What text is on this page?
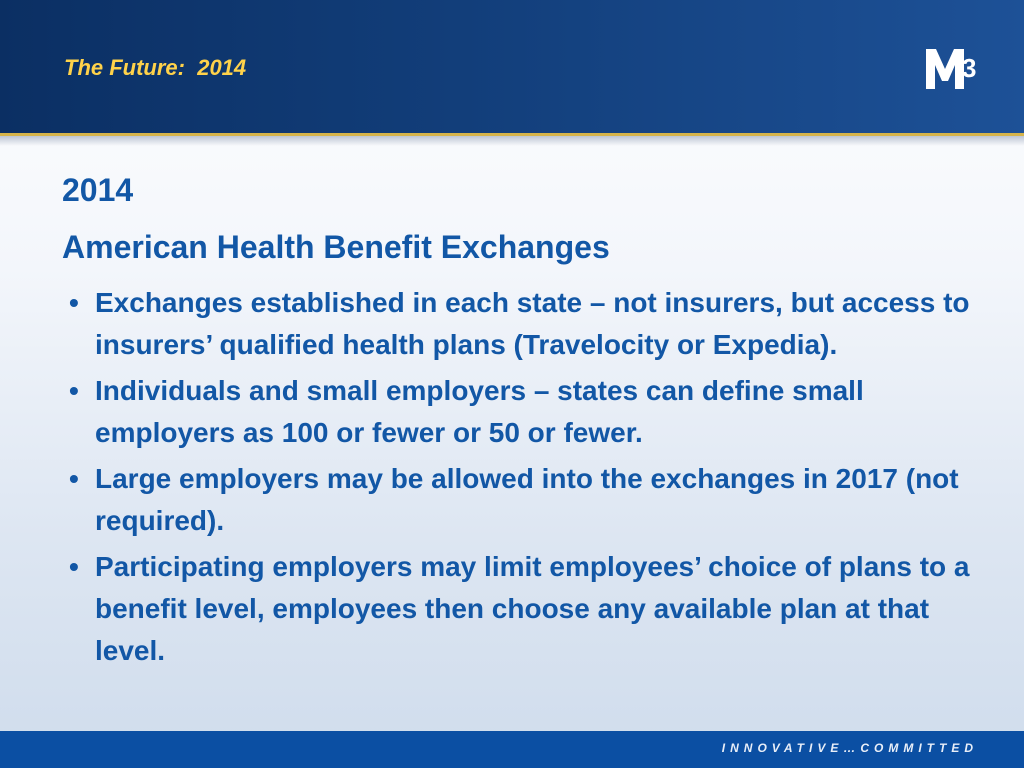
The Future:  2014	3
2014
American Health Benefit Exchanges
• Exchanges established in each state – not insurers, but access to insurers’ qualified health plans (Travelocity or Expedia).
• Individuals and small employers – states can define small employers as 100 or fewer or 50 or fewer.
• Large employers may be allowed into the exchanges in 2017 (not required).
• Participating employers may limit employees’ choice of plans to a benefit level, employees then choose any available plan at that level.
INNOVATIVE…COMMITTED
